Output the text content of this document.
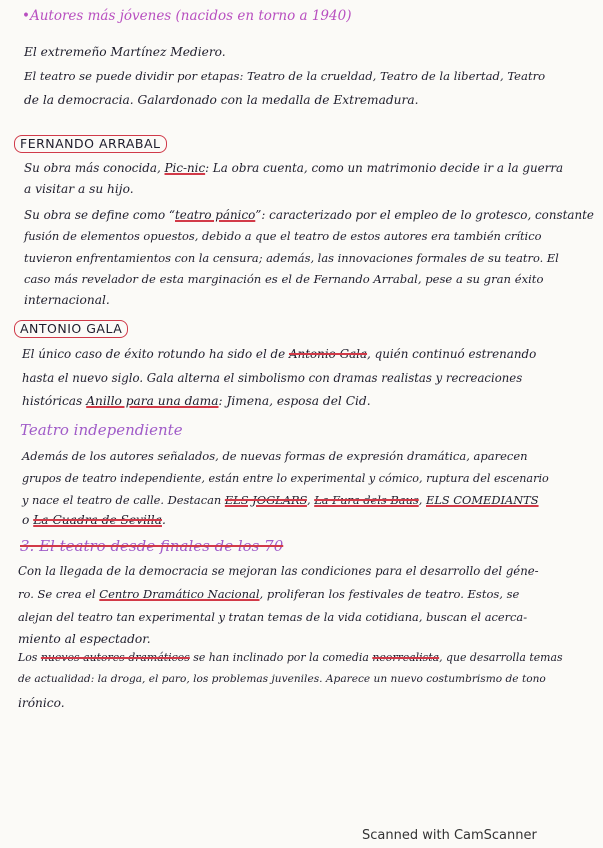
•Autores más jóvenes (nacidos en torno a 1940)
El extremeño Martínez Mediero.
El teatro se puede dividir por etapas: Teatro de la crueldad, Teatro de la libertad, Teatro
de la democracia. Galardonado con la medalla de Extremadura.
FERNANDO ARRABAL
Su obra más conocida, Pic-nic: La obra cuenta, como un matrimonio decide ir a la guerra
a visitar a su hijo.
Su obra se define como “teatro pánico”: caracterizado por el empleo de lo grotesco, constante
fusión de elementos opuestos, debido a que el teatro de estos autores era también crítico
tuvieron enfrentamientos con la censura; además, las innovaciones formales de su teatro. El
caso más revelador de esta marginación es el de Fernando Arrabal, pese a su gran éxito
internacional.
ANTONIO GALA
El único caso de éxito rotundo ha sido el de Antonio Gala, quién continuó estrenando
hasta el nuevo siglo. Gala alterna el simbolismo con dramas realistas y recreaciones
históricas Anillo para una dama: Jimena, esposa del Cid.
Teatro independiente
Además de los autores señalados, de nuevas formas de expresión dramática, aparecen
grupos de teatro independiente, están entre lo experimental y cómico, ruptura del escenario
y nace el teatro de calle. Destacan ELS JOGLARS, La Fura dels Baus, ELS COMEDIANTS
o La Cuadra de Sevilla.
3. El teatro desde finales de los 70
Con la llegada de la democracia se mejoran las condiciones para el desarrollo del géne-
ro. Se crea el Centro Dramático Nacional, proliferan los festivales de teatro. Estos, se
alejan del teatro tan experimental y tratan temas de la vida cotidiana, buscan el acerca-
miento al espectador.
Los nuevos autores dramáticos se han inclinado por la comedia neorrealista, que desarrolla temas
de actualidad: la droga, el paro, los problemas juveniles. Aparece un nuevo costumbrismo de tono
irónico.
Scanned with CamScanner
